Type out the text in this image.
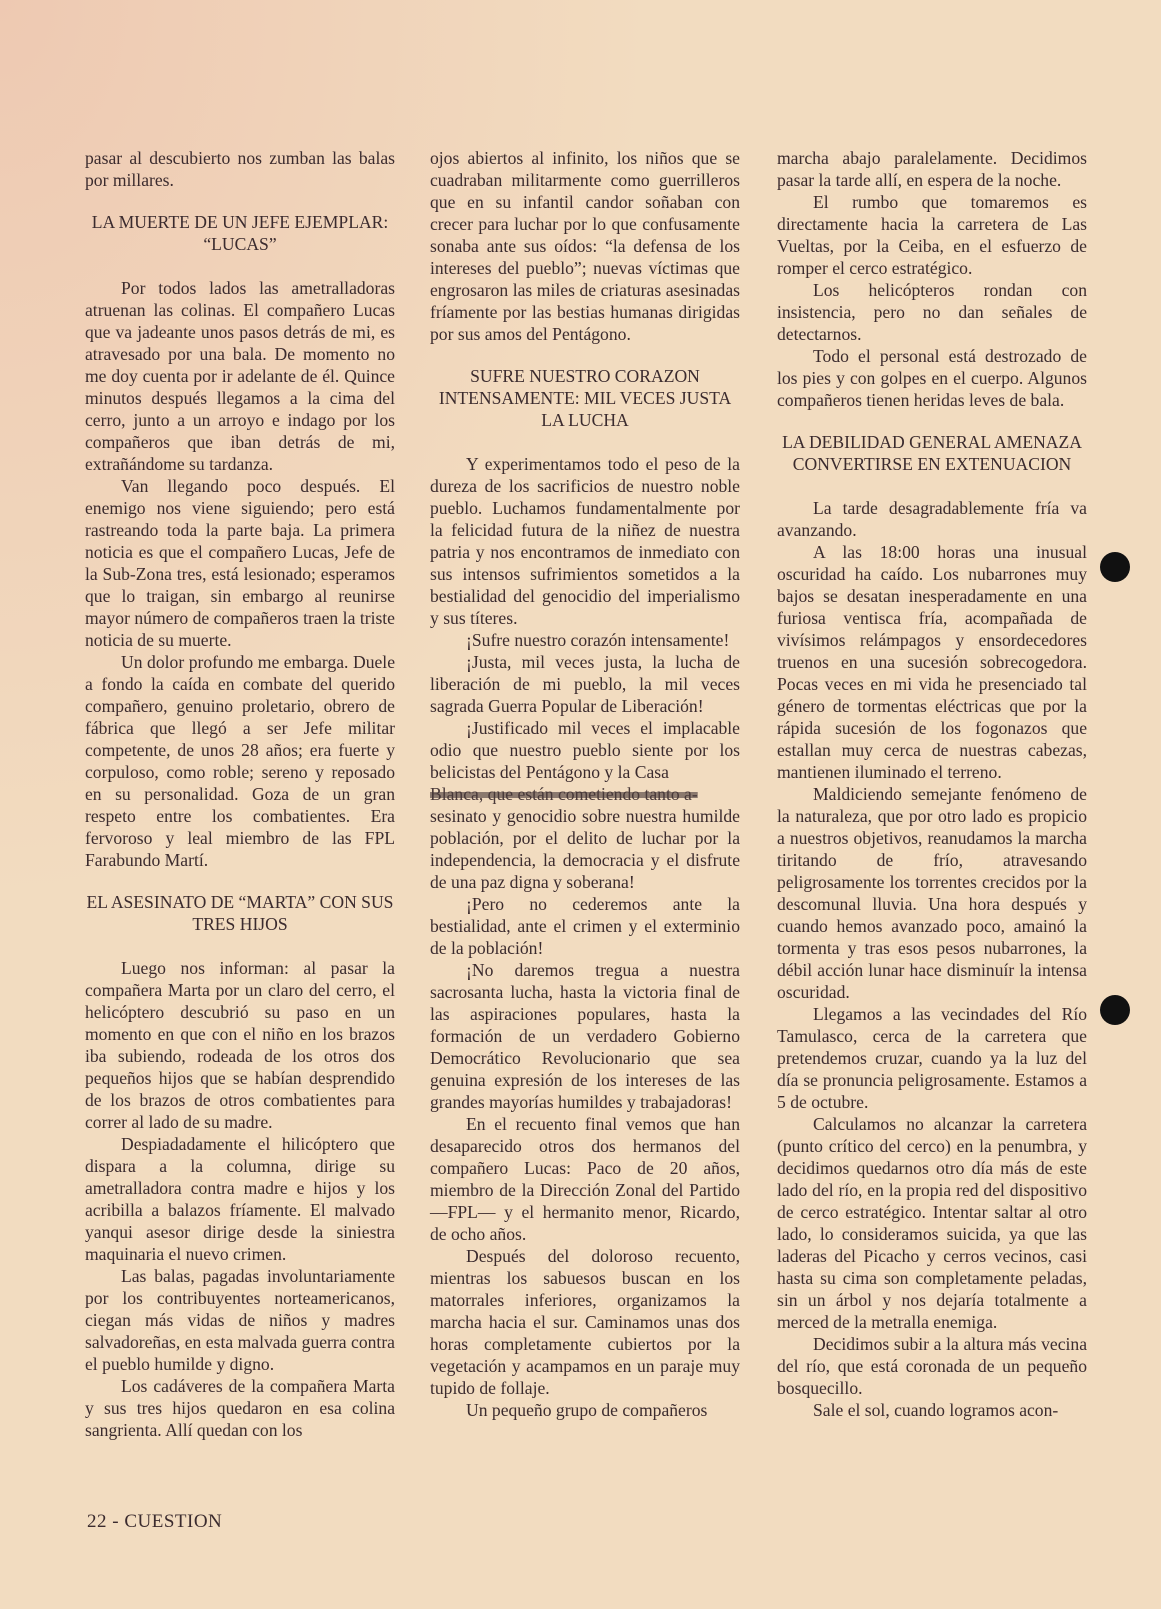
pasar al descubierto nos zumban las balas por millares.

LA MUERTE DE UN JEFE EJEMPLAR: “LUCAS”

Por todos lados las ametralladoras atruenan las colinas. El compañero Lucas que va jadeante unos pasos detrás de mi, es atravesado por una bala. De momento no me doy cuenta por ir adelante de él. Quince minutos después llegamos a la cima del cerro, junto a un arroyo e indago por los compañeros que iban detrás de mi, extrañándome su tardanza.

Van llegando poco después. El enemigo nos viene siguiendo; pero está rastreando toda la parte baja. La primera noticia es que el compañero Lucas, Jefe de la Sub-Zona tres, está lesionado; esperamos que lo traigan, sin embargo al reunirse mayor número de compañeros traen la triste noticia de su muerte.

Un dolor profundo me embarga. Duele a fondo la caída en combate del querido compañero, genuino proletario, obrero de fábrica que llegó a ser Jefe militar competente, de unos 28 años; era fuerte y corpuloso, como roble; sereno y reposado en su personalidad. Goza de un gran respeto entre los combatientes. Era fervoroso y leal miembro de las FPL Farabundo Martí.

EL ASESINATO DE “MARTA” CON SUS TRES HIJOS

Luego nos informan: al pasar la compañera Marta por un claro del cerro, el helicóptero descubrió su paso en un momento en que con el niño en los brazos iba subiendo, rodeada de los otros dos pequeños hijos que se habían desprendido de los brazos de otros combatientes para correr al lado de su madre.

Despiadadamente el hilicóptero que dispara a la columna, dirige su ametralladora contra madre e hijos y los acribilla a balazos fríamente. El malvado yanqui asesor dirige desde la siniestra maquinaria el nuevo crimen.

Las balas, pagadas involuntariamente por los contribuyentes norteamericanos, ciegan más vidas de niños y madres salvadoreñas, en esta malvada guerra contra el pueblo humilde y digno.

Los cadáveres de la compañera Marta y sus tres hijos quedaron en esa colina sangrienta. Allí quedan con los

ojos abiertos al infinito, los niños que se cuadraban militarmente como guerrilleros que en su infantil candor soñaban con crecer para luchar por lo que confusamente sonaba ante sus oídos: “la defensa de los intereses del pueblo”; nuevas víctimas que engrosaron las miles de criaturas asesinadas fríamente por las bestias humanas dirigidas por sus amos del Pentágono.

SUFRE NUESTRO CORAZON INTENSAMENTE: MIL VECES JUSTA LA LUCHA

Y experimentamos todo el peso de la dureza de los sacrificios de nuestro noble pueblo. Luchamos fundamentalmente por la felicidad futura de la niñez de nuestra patria y nos encontramos de inmediato con sus intensos sufrimientos sometidos a la bestialidad del genocidio del imperialismo y sus títeres.

¡Sufre nuestro corazón intensamente!

¡Justa, mil veces justa, la lucha de liberación de mi pueblo, la mil veces sagrada Guerra Popular de Liberación!

¡Justificado mil veces el implacable odio que nuestro pueblo siente por los belicistas del Pentágono y la Casa

Blanca, que están cometiendo tanto a-

sesinato y genocidio sobre nuestra humilde población, por el delito de luchar por la independencia, la democracia y el disfrute de una paz digna y soberana!

¡Pero no cederemos ante la bestialidad, ante el crimen y el exterminio de la población!

¡No daremos tregua a nuestra sacrosanta lucha, hasta la victoria final de las aspiraciones populares, hasta la formación de un verdadero Gobierno Democrático Revolucionario que sea genuina expresión de los intereses de las grandes mayorías humildes y trabajadoras!

En el recuento final vemos que han desaparecido otros dos hermanos del compañero Lucas: Paco de 20 años, miembro de la Dirección Zonal del Partido —FPL— y el hermanito menor, Ricardo, de ocho años.

Después del doloroso recuento, mientras los sabuesos buscan en los matorrales inferiores, organizamos la marcha hacia el sur. Caminamos unas dos horas completamente cubiertos por la vegetación y acampamos en un paraje muy tupido de follaje.

Un pequeño grupo de compañeros

marcha abajo paralelamente. Decidimos pasar la tarde allí, en espera de la noche.

El rumbo que tomaremos es directamente hacia la carretera de Las Vueltas, por la Ceiba, en el esfuerzo de romper el cerco estratégico.

Los helicópteros rondan con insistencia, pero no dan señales de detectarnos.

Todo el personal está destrozado de los pies y con golpes en el cuerpo. Algunos compañeros tienen heridas leves de bala.

LA DEBILIDAD GENERAL AMENAZA CONVERTIRSE EN EXTENUACION

La tarde desagradablemente fría va avanzando.

A las 18:00 horas una inusual oscuridad ha caído. Los nubarrones muy bajos se desatan inesperadamente en una furiosa ventisca fría, acompañada de vivísimos relámpagos y ensordecedores truenos en una sucesión sobrecogedora. Pocas veces en mi vida he presenciado tal género de tormentas eléctricas que por la rápida sucesión de los fogonazos que estallan muy cerca de nuestras cabezas, mantienen iluminado el terreno.

Maldiciendo semejante fenómeno de la naturaleza, que por otro lado es propicio a nuestros objetivos, reanudamos la marcha tiritando de frío, atravesando peligrosamente los torrentes crecidos por la descomunal lluvia. Una hora después y cuando hemos avanzado poco, amainó la tormenta y tras esos pesos nubarrones, la débil acción lunar hace disminuír la intensa oscuridad.

Llegamos a las vecindades del Río Tamulasco, cerca de la carretera que pretendemos cruzar, cuando ya la luz del día se pronuncia peligrosamente. Estamos a 5 de octubre.

Calculamos no alcanzar la carretera (punto crítico del cerco) en la penumbra, y decidimos quedarnos otro día más de este lado del río, en la propia red del dispositivo de cerco estratégico. Intentar saltar al otro lado, lo consideramos suicida, ya que las laderas del Picacho y cerros vecinos, casi hasta su cima son completamente peladas, sin un árbol y nos dejaría totalmente a merced de la metralla enemiga.

Decidimos subir a la altura más vecina del río, que está coronada de un pequeño bosquecillo.

Sale el sol, cuando logramos acon-

22 - CUESTION
